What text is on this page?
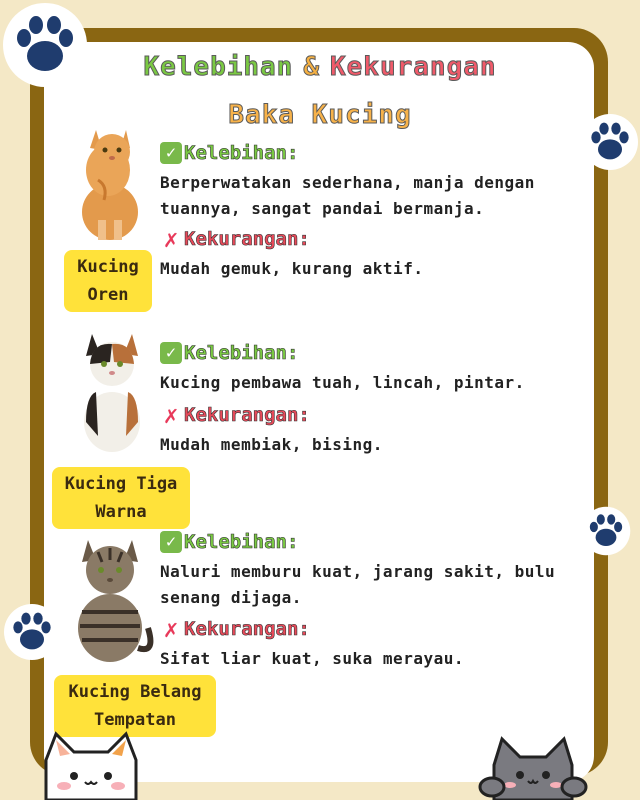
Kelebihan & Kekurangan
Baka Kucing
Kucing Oren
✓ Kelebihan:
Berperwatakan sederhana, manja dengan tuannya, sangat pandai bermanja.
✗ Kekurangan:
Mudah gemuk, kurang aktif.
Kucing Tiga Warna
✓ Kelebihan:
Kucing pembawa tuah, lincah, pintar.
✗ Kekurangan:
Mudah membiak, bising.
Kucing Belang Tempatan
✓ Kelebihan:
Naluri memburu kuat, jarang sakit, bulu senang dijaga.
✗ Kekurangan:
Sifat liar kuat, suka merayau.
